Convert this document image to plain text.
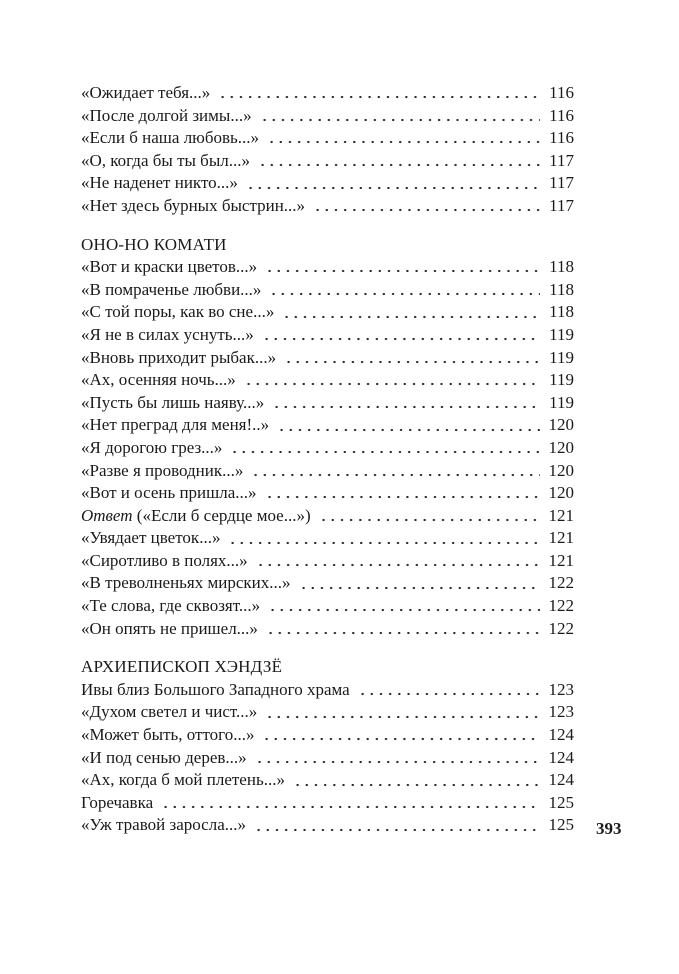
«Ожидает тебя...»	116
«После долгой зимы...»	116
«Если б наша любовь...»	116
«О, когда бы ты был...»	117
«Не наденет никто...»	117
«Нет здесь бурных быстрин...»	117
ОНО-НО КОМАТИ
«Вот и краски цветов...»	118
«В помраченье любви...»	118
«С той поры, как во сне...»	118
«Я не в силах уснуть...»	119
«Вновь приходит рыбак...»	119
«Ах, осенняя ночь...»	119
«Пусть бы лишь наяву...»	119
«Нет преград для меня!..»	120
«Я дорогою грез...»	120
«Разве я проводник...»	120
«Вот и осень пришла...»	120
Ответ («Если б сердце мое...»)	121
«Увядает цветок...»	121
«Сиротливо в полях...»	121
«В треволненьях мирских...»	122
«Те слова, где сквозят...»	122
«Он опять не пришел...»	122
АРХИЕПИСКОП ХЭНДЗЁ
Ивы близ Большого Западного храма	123
«Духом светел и чист...»	123
«Может быть, оттого...»	124
«И под сенью дерев...»	124
«Ах, когда б мой плетень...»	124
Горечавка	125
«Уж травой заросла...»	125 393
